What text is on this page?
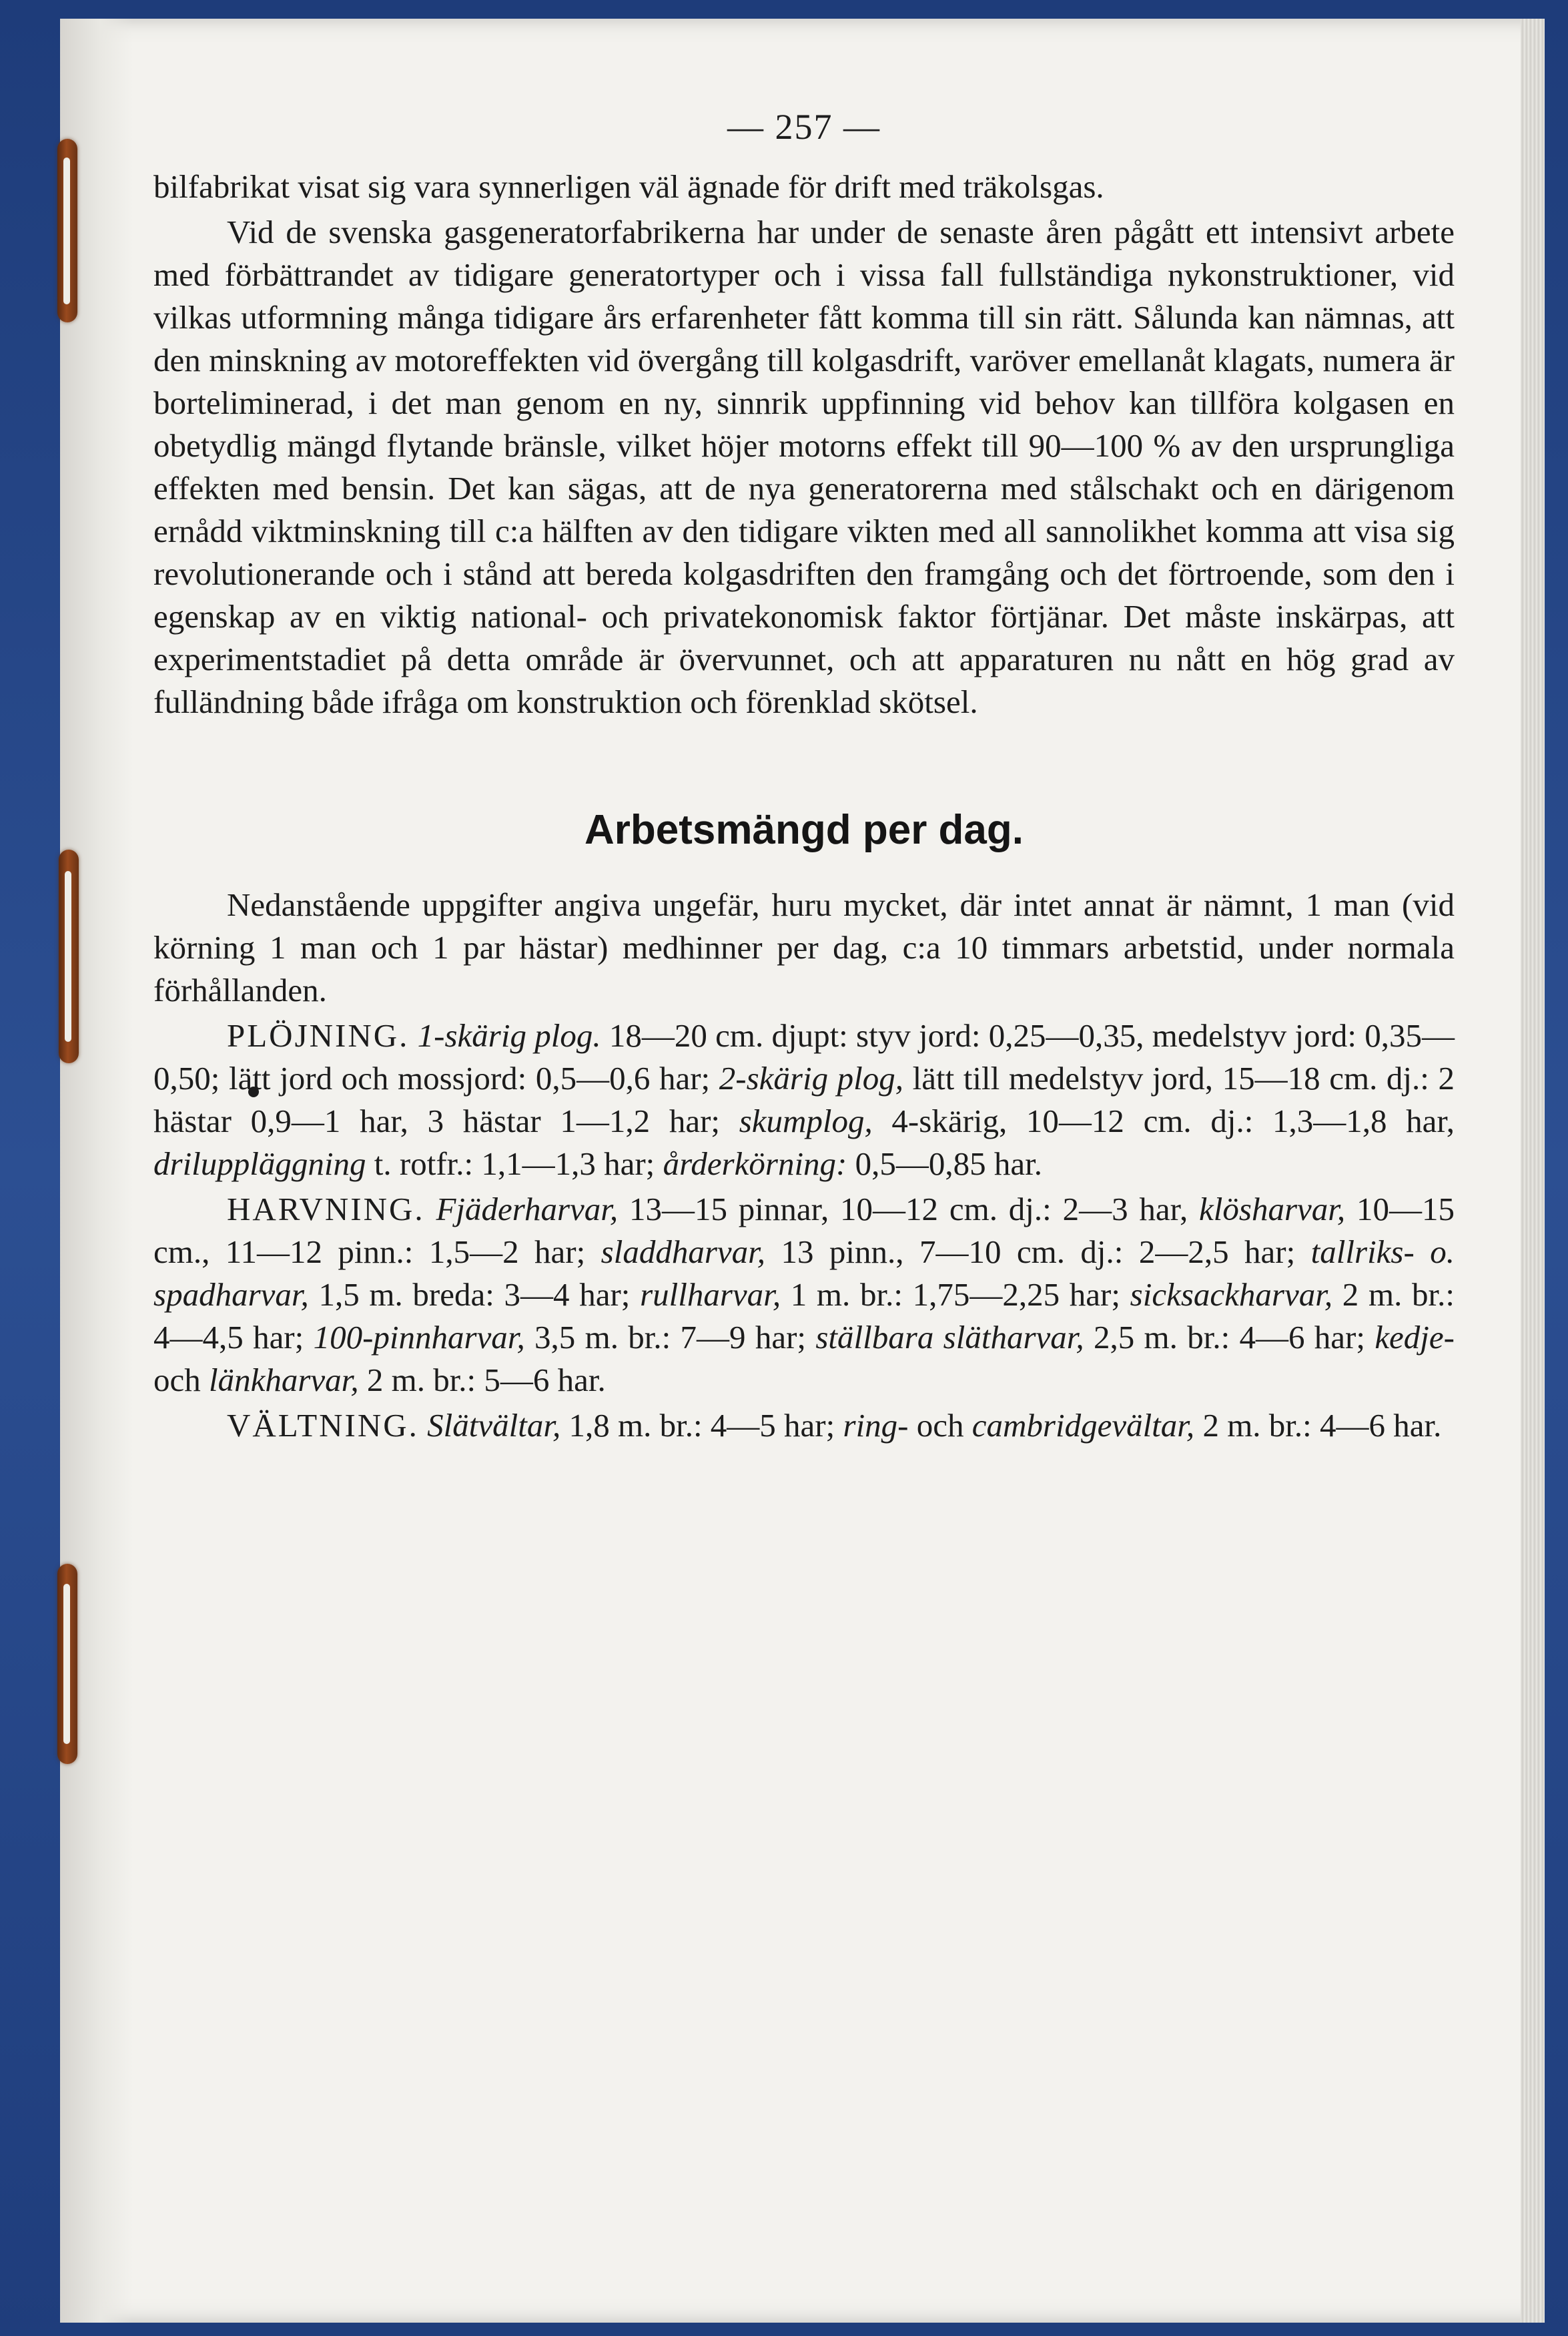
— 257 —

bilfabrikat visat sig vara synnerligen väl ägnade för drift med träkolsgas.

Vid de svenska gasgeneratorfabrikerna har under de senaste åren pågått ett intensivt arbete med förbättrandet av tidigare generatortyper och i vissa fall fullständiga nykonstruktioner, vid vilkas utformning många tidigare års erfarenheter fått komma till sin rätt. Sålunda kan nämnas, att den minskning av motoreffekten vid övergång till kolgasdrift, varöver emellanåt klagats, numera är borteliminerad, i det man genom en ny, sinnrik uppfinning vid behov kan tillföra kolgasen en obetydlig mängd flytande bränsle, vilket höjer motorns effekt till 90—100 % av den ursprungliga effekten med bensin. Det kan sägas, att de nya generatorerna med stålschakt och en därigenom ernådd viktminskning till c:a hälften av den tidigare vikten med all sannolikhet komma att visa sig revolutionerande och i stånd att bereda kolgasdriften den framgång och det förtroende, som den i egenskap av en viktig national- och privatekonomisk faktor förtjänar. Det måste inskärpas, att experimentstadiet på detta område är övervunnet, och att apparaturen nu nått en hög grad av fulländning både ifråga om konstruktion och förenklad skötsel.

Arbetsmängd per dag.

Nedanstående uppgifter angiva ungefär, huru mycket, där intet annat är nämnt, 1 man (vid körning 1 man och 1 par hästar) medhinner per dag, c:a 10 timmars arbetstid, under normala förhållanden.

PLÖJNING. 1-skärig plog. 18—20 cm. djupt: styv jord: 0,25—0,35, medelstyv jord: 0,35—0,50; lätt jord och mossjord: 0,5—0,6 har; 2-skärig plog, lätt till medelstyv jord, 15—18 cm. dj.: 2 hästar 0,9—1 har, 3 hästar 1—1,2 har; skumplog, 4-skärig, 10—12 cm. dj.: 1,3—1,8 har, driluppläggning t. rotfr.: 1,1—1,3 har; årderkörning: 0,5—0,85 har.

HARVNING. Fjäderharvar, 13—15 pinnar, 10—12 cm. dj.: 2—3 har, klösharvar, 10—15 cm., 11—12 pinn.: 1,5—2 har; sladdharvar, 13 pinn., 7—10 cm. dj.: 2—2,5 har; tallriks- o. spadharvar, 1,5 m. breda: 3—4 har; rullharvar, 1 m. br.: 1,75—2,25 har; sicksackharvar, 2 m. br.: 4—4,5 har; 100-pinnharvar, 3,5 m. br.: 7—9 har; ställbara slätharvar, 2,5 m. br.: 4—6 har; kedje- och länkharvar, 2 m. br.: 5—6 har.

VÄLTNING. Slätvältar, 1,8 m. br.: 4—5 har; ring- och cambridgevältar, 2 m. br.: 4—6 har.
